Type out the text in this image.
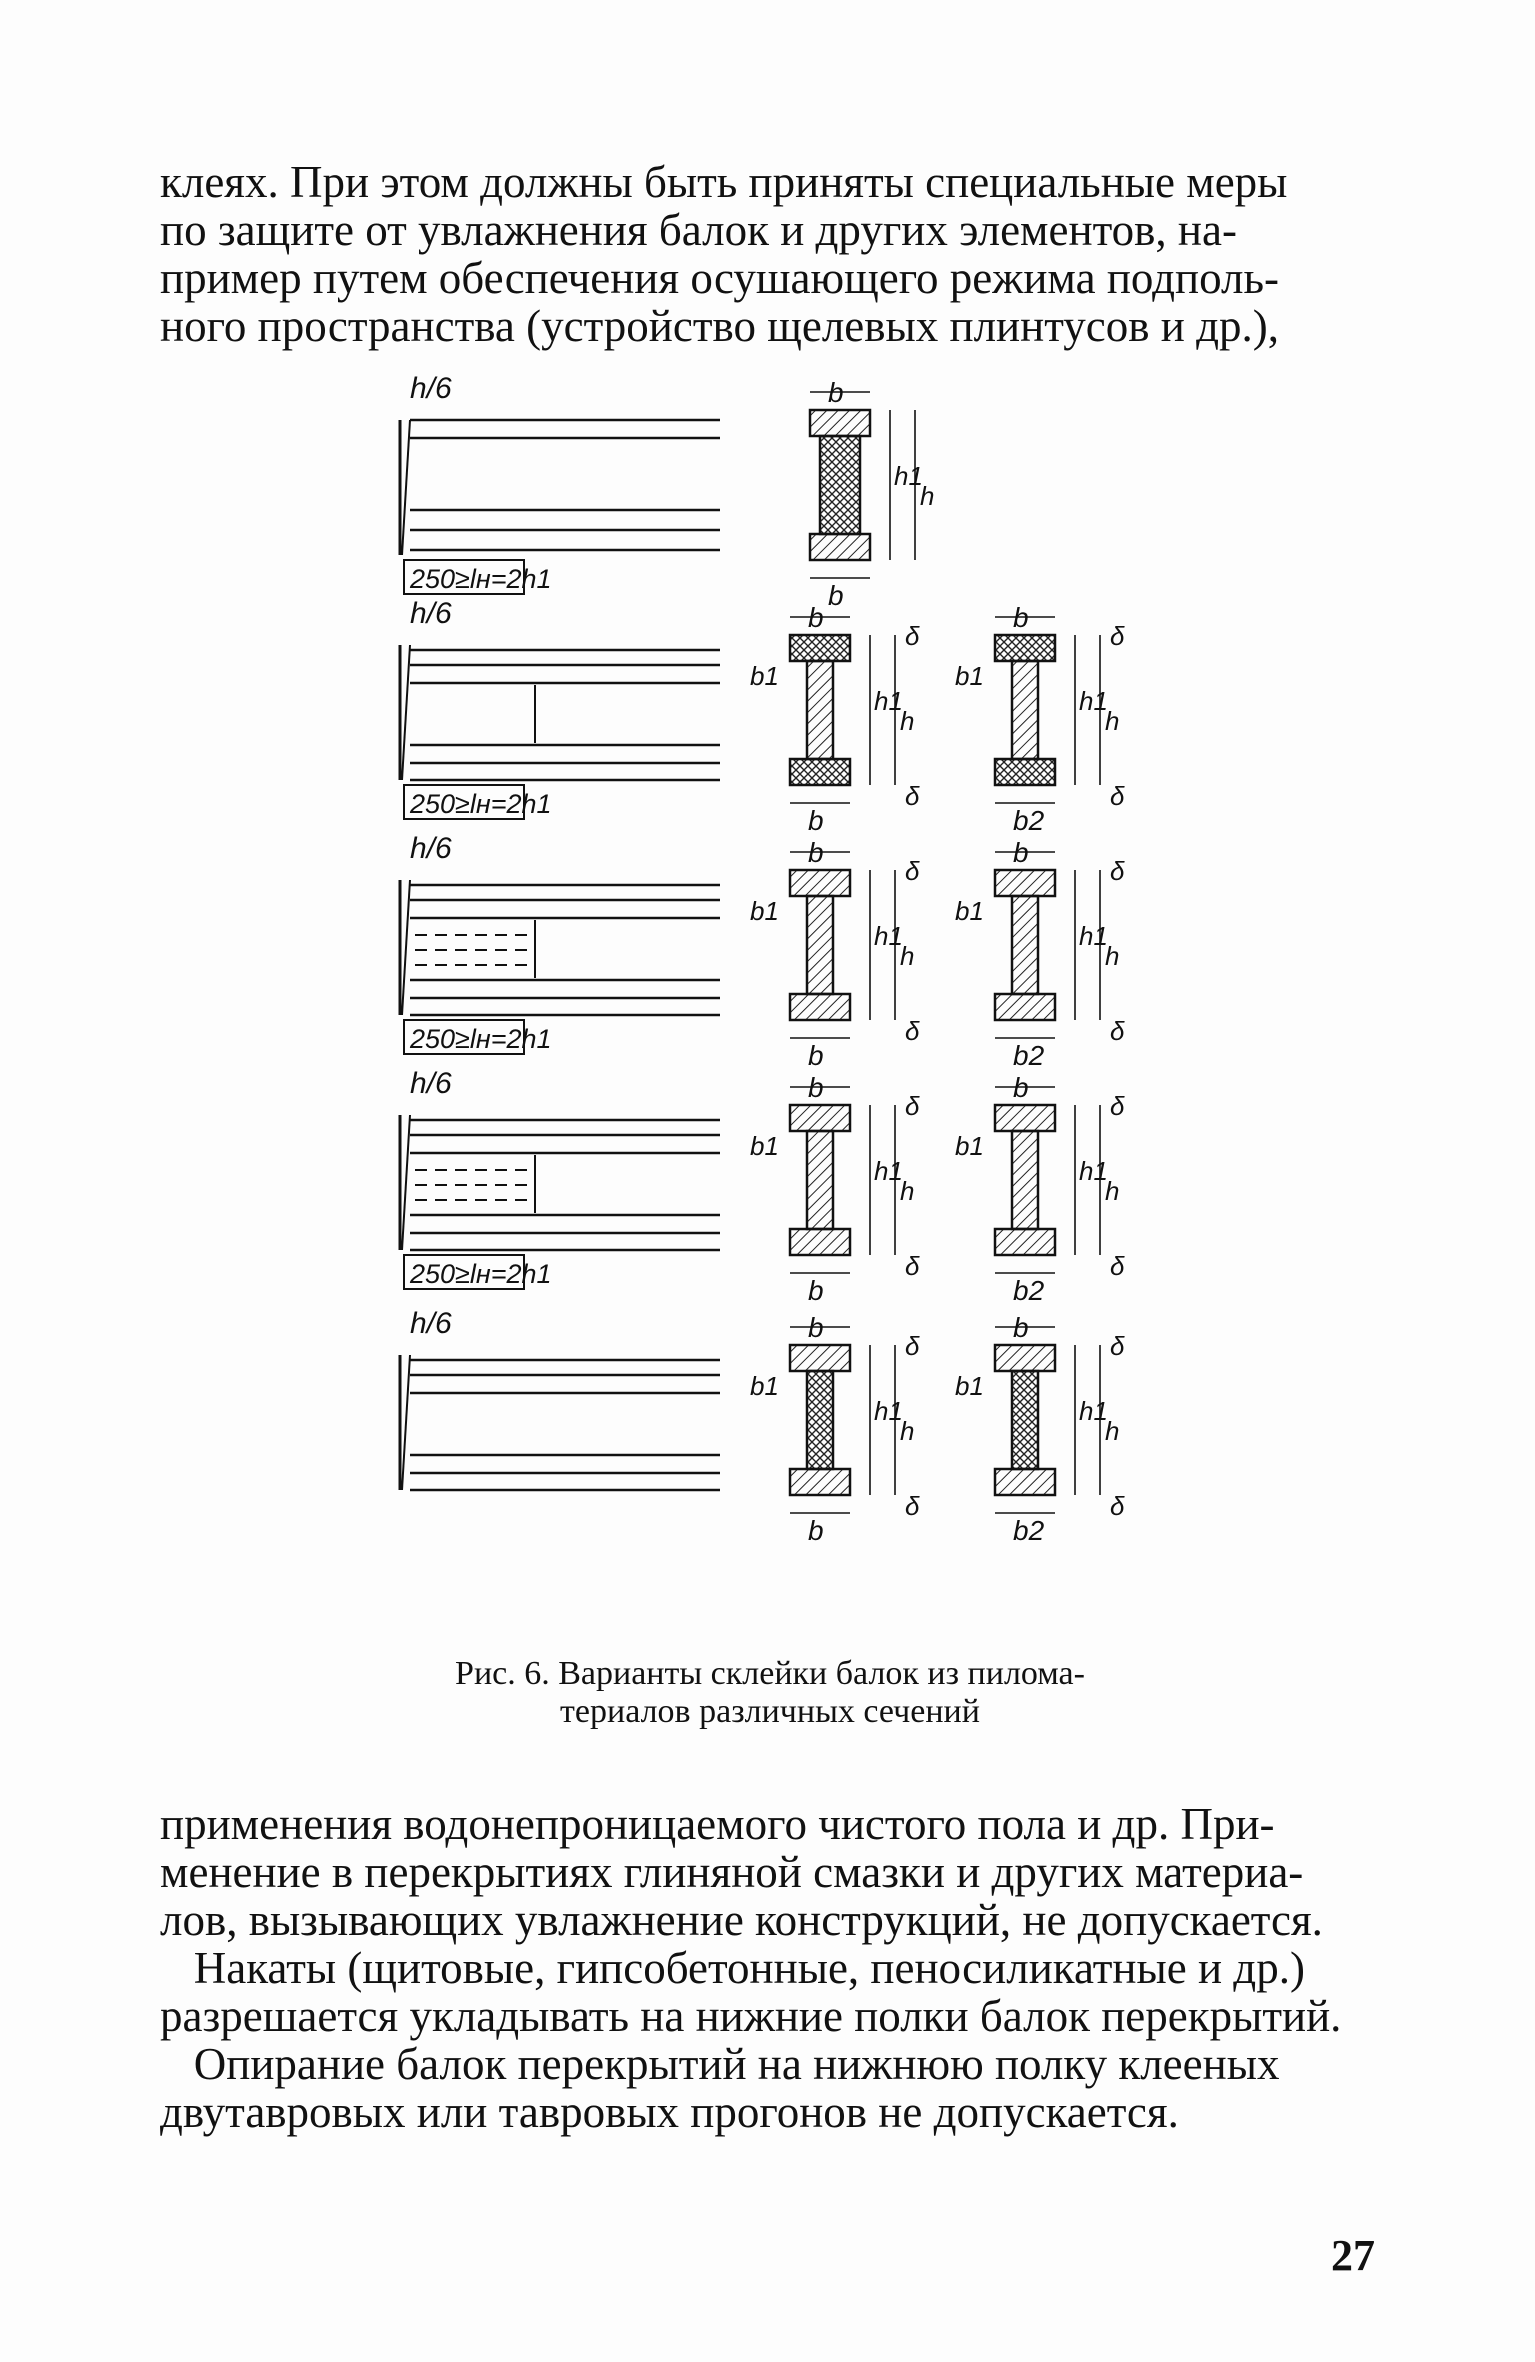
клеях. При этом должны быть приняты специальные меры
по защите от увлажнения балок и других элементов, на-
пример путем обеспечения осушающего режима подполь-
ного пространства (устройство щелевых плинтусов и др.),
h/6
250≥lн=2h1
h1
h
b
b
h/6
250≥lн=2h1
h1
h
b
b1
δ
δ
b
h1
h
b
b1
δ
δ
b2
h/6
250≥lн=2h1
h1
h
b
b1
δ
δ
b
h1
h
b
b1
δ
δ
b2
h/6
250≥lн=2h1
h1
h
b
b1
δ
δ
b
h1
h
b
b1
δ
δ
b2
h/6
h1
h
b
b1
δ
δ
b
h1
h
b
b1
δ
δ
b2
Рис. 6. Варианты склейки балок из пилома-
териалов различных сечений
применения водонепроницаемого чистого пола и др. При-
менение в перекрытиях глиняной смазки и других материа-
лов, вызывающих увлажнение конструкций, не допускается.
Накаты (щитовые, гипсобетонные, пеносиликатные и др.)
разрешается укладывать на нижние полки балок перекрытий.
Опирание балок перекрытий на нижнюю полку клееных
двутавровых или тавровых прогонов не допускается.
27
